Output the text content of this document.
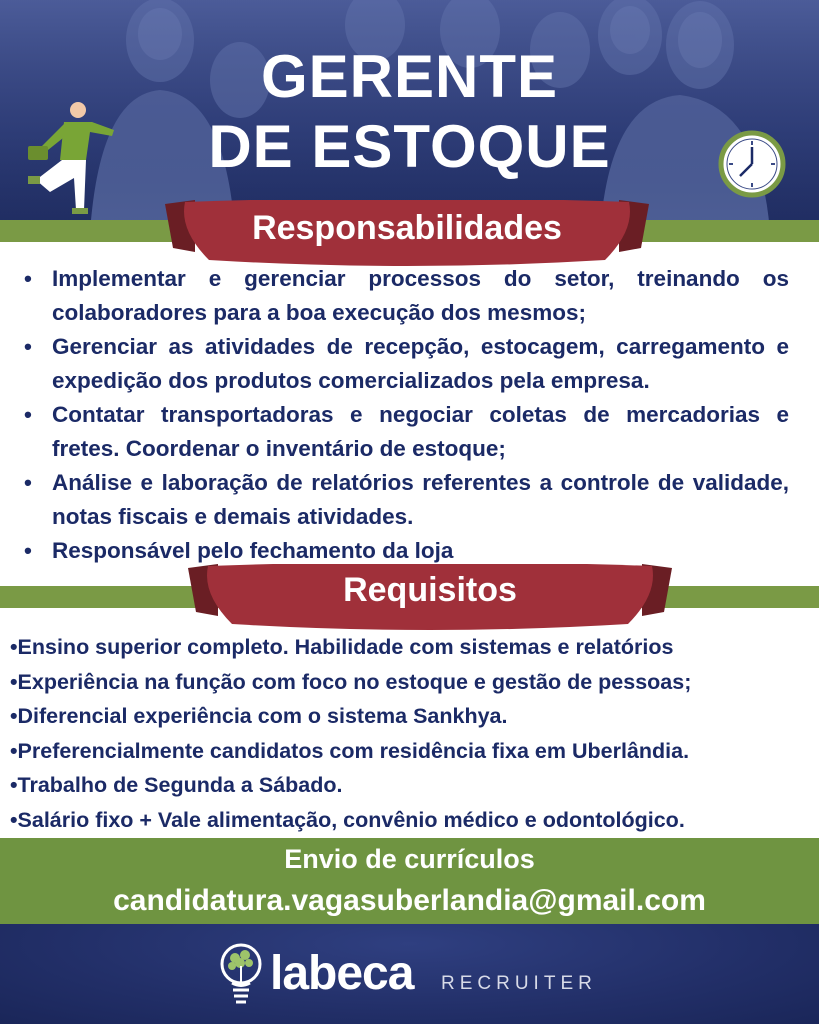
GERENTE
DE ESTOQUE
Responsabilidades
• Implementar e gerenciar processos do setor, treinando os colaboradores para a boa execução dos mesmos;
• Gerenciar as atividades de recepção, estocagem, carregamento e expedição dos produtos comercializados pela empresa.
• Contatar transportadoras e negociar coletas de mercadorias e fretes. Coordenar o inventário de estoque;
• Análise e laboração de relatórios referentes a controle de validade, notas fiscais e demais atividades.
• Responsável pelo fechamento da loja
Requisitos
•Ensino superior completo. Habilidade com sistemas e relatórios
•Experiência na função com foco no estoque e gestão de pessoas;
•Diferencial experiência com o sistema Sankhya.
•Preferencialmente candidatos com residência fixa em Uberlândia.
•Trabalho de Segunda a Sábado.
•Salário fixo + Vale alimentação, convênio médico e odontológico.
Envio de currículos
candidatura.vagasuberlandia@gmail.com
labeca RECRUITER
